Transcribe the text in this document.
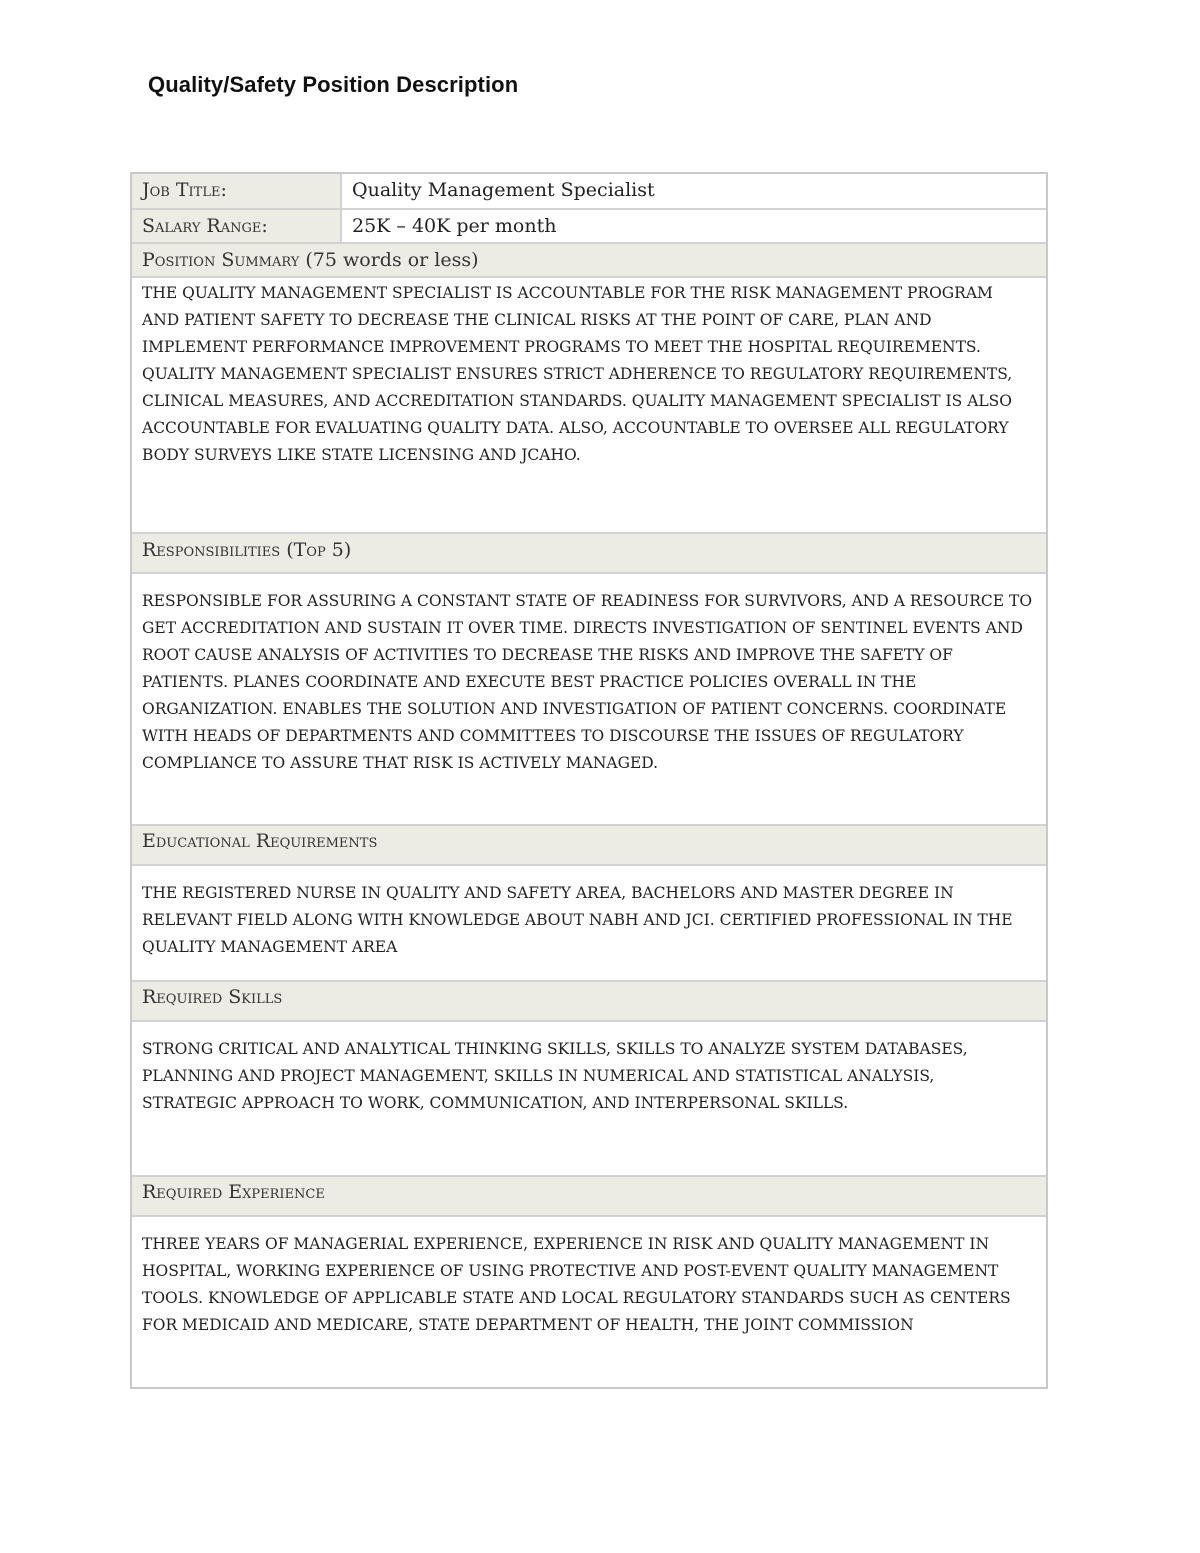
Quality/Safety Position Description
Job Title:	Quality Management Specialist
Salary Range:	25K – 40K per month
Position Summary (75 words or less)
THE QUALITY MANAGEMENT SPECIALIST IS ACCOUNTABLE FOR THE RISK MANAGEMENT PROGRAM AND PATIENT SAFETY TO DECREASE THE CLINICAL RISKS AT THE POINT OF CARE, PLAN AND IMPLEMENT PERFORMANCE IMPROVEMENT PROGRAMS TO MEET THE HOSPITAL REQUIREMENTS. QUALITY MANAGEMENT SPECIALIST ENSURES STRICT ADHERENCE TO REGULATORY REQUIREMENTS, CLINICAL MEASURES, AND ACCREDITATION STANDARDS. QUALITY MANAGEMENT SPECIALIST IS ALSO ACCOUNTABLE FOR EVALUATING QUALITY DATA. ALSO, ACCOUNTABLE TO OVERSEE ALL REGULATORY BODY SURVEYS LIKE STATE LICENSING AND JCAHO.
Responsibilities (Top 5)
RESPONSIBLE FOR ASSURING A CONSTANT STATE OF READINESS FOR SURVIVORS, AND A RESOURCE TO GET ACCREDITATION AND SUSTAIN IT OVER TIME. DIRECTS INVESTIGATION OF SENTINEL EVENTS AND ROOT CAUSE ANALYSIS OF ACTIVITIES TO DECREASE THE RISKS AND IMPROVE THE SAFETY OF PATIENTS. PLANES COORDINATE AND EXECUTE BEST PRACTICE POLICIES OVERALL IN THE ORGANIZATION. ENABLES THE SOLUTION AND INVESTIGATION OF PATIENT CONCERNS. COORDINATE WITH HEADS OF DEPARTMENTS AND COMMITTEES TO DISCOURSE THE ISSUES OF REGULATORY COMPLIANCE TO ASSURE THAT RISK IS ACTIVELY MANAGED.
Educational Requirements
THE REGISTERED NURSE IN QUALITY AND SAFETY AREA, BACHELORS AND MASTER DEGREE IN RELEVANT FIELD ALONG WITH KNOWLEDGE ABOUT NABH AND JCI. CERTIFIED PROFESSIONAL IN THE QUALITY MANAGEMENT AREA
Required Skills
STRONG CRITICAL AND ANALYTICAL THINKING SKILLS, SKILLS TO ANALYZE SYSTEM DATABASES, PLANNING AND PROJECT MANAGEMENT, SKILLS IN NUMERICAL AND STATISTICAL ANALYSIS, STRATEGIC APPROACH TO WORK, COMMUNICATION, AND INTERPERSONAL SKILLS.
Required Experience
THREE YEARS OF MANAGERIAL EXPERIENCE, EXPERIENCE IN RISK AND QUALITY MANAGEMENT IN HOSPITAL, WORKING EXPERIENCE OF USING PROTECTIVE AND POST-EVENT QUALITY MANAGEMENT TOOLS. KNOWLEDGE OF APPLICABLE STATE AND LOCAL REGULATORY STANDARDS SUCH AS CENTERS FOR MEDICAID AND MEDICARE, STATE DEPARTMENT OF HEALTH, THE JOINT COMMISSION
